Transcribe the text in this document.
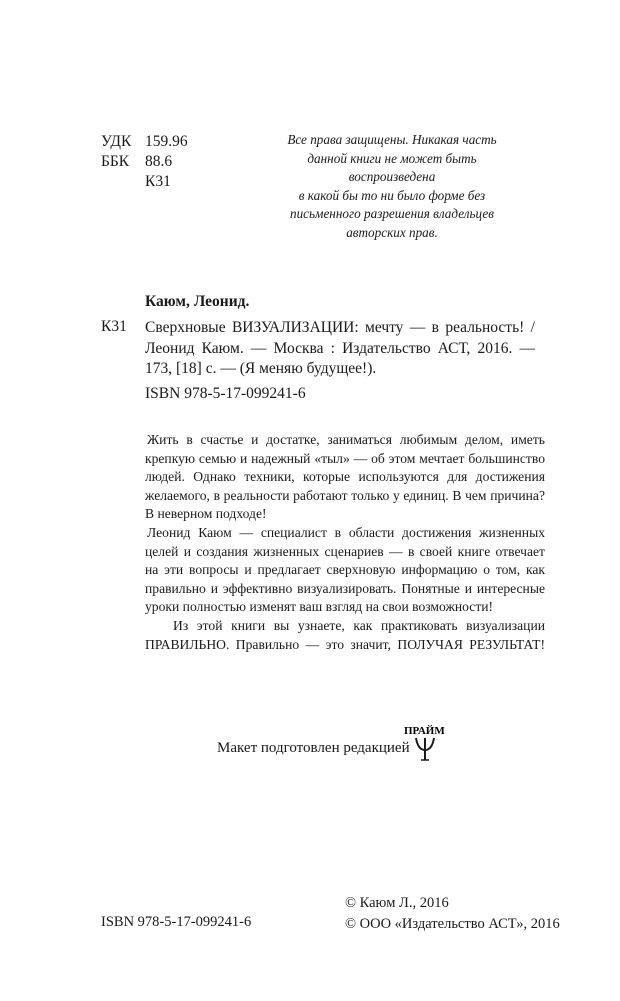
УДК 159.96
ББК	88.6
К31
Все права защищены. Никакая часть
данной книги не может быть воспроизведена
в какой бы то ни было форме без
письменного разрешения владельцев
авторских прав.
Каюм, Леонид.
К31 Сверхновые ВИЗУАЛИЗАЦИИ: мечту — в реальность! /
Леонид Каюм. — Москва : Издательство АСТ, 2016. —
173, [18] с. — (Я меняю будущее!).
ISBN 978-5-17-099241-6
Жить в счастье и достатке, заниматься любимым делом, иметь
крепкую семью и надежный «тыл» — об этом мечтает большинство
людей. Однако техники, которые используются для достижения
желаемого, в реальности работают только у единиц. В чем причина?
В неверном подходе!
Леонид Каюм — специалист в области достижения жизненных
целей и создания жизненных сценариев — в своей книге отвечает
на эти вопросы и предлагает сверхновую информацию о том, как
правильно и эффективно визуализировать. Понятные и интересные
уроки полностью изменят ваш взгляд на свои возможности!
Из этой книги вы узнаете, как практиковать визуализации
ПРАВИЛЬНО. Правильно — это значит, ПОЛУЧАЯ РЕЗУЛЬТАТ!
Макет подготовлен редакцией
ПРАЙМ
© Каюм Л., 2016
© ООО «Издательство АСТ», 2016
ISBN 978-5-17-099241-6
